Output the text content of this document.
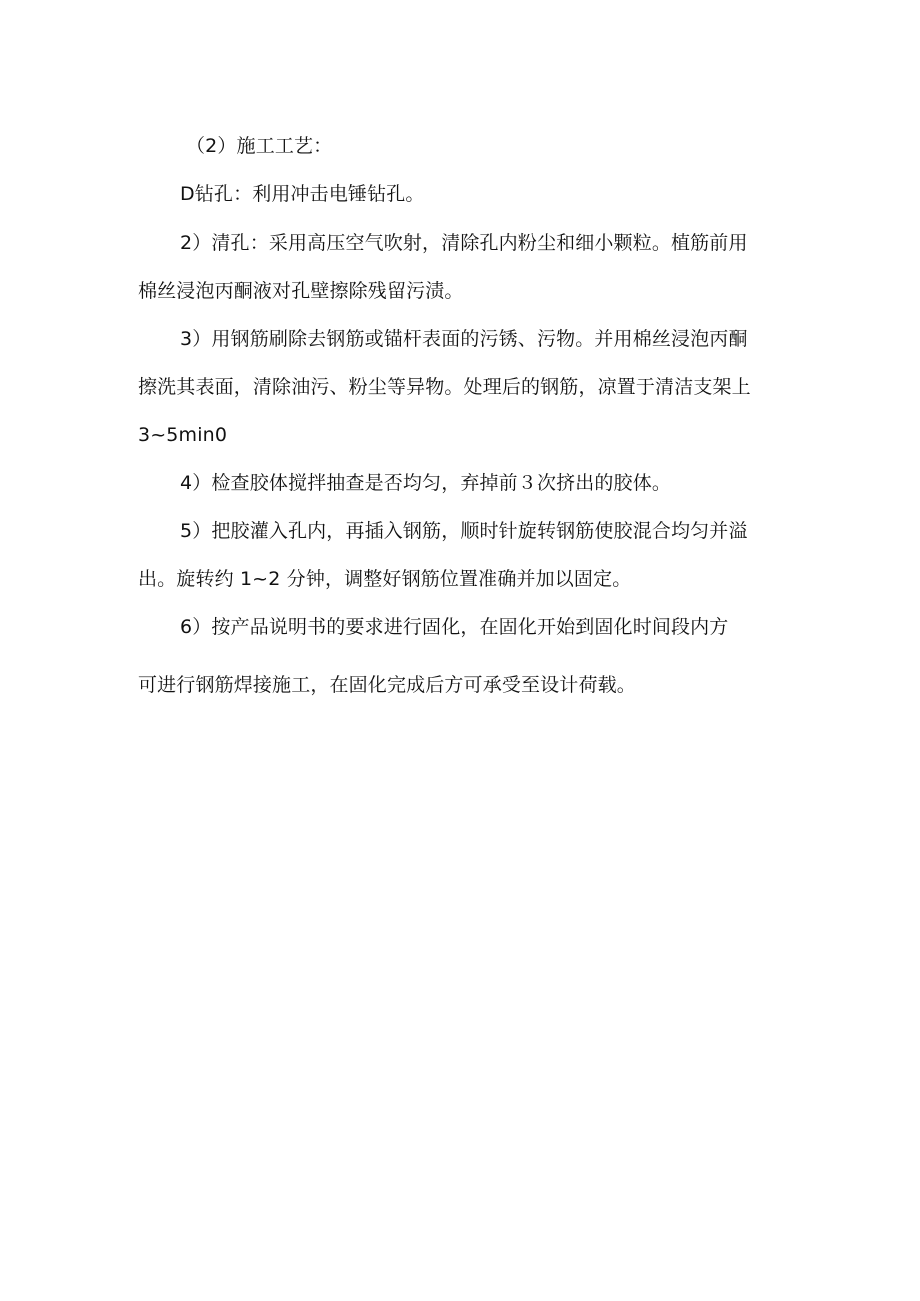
（2）施工工艺：
D钻孔：利用冲击电锤钻孔。
2）清孔：采用高压空气吹射，清除孔内粉尘和细小颗粒。植筋前用
棉丝浸泡丙酮液对孔壁擦除残留污渍。
3）用钢筋刷除去钢筋或锚杆表面的污锈、污物。并用棉丝浸泡丙酮
擦洗其表面，清除油污、粉尘等异物。处理后的钢筋，凉置于清洁支架上
3~5min0
4）检查胶体搅拌抽查是否均匀，弃掉前３次挤出的胶体。
5）把胶灌入孔内，再插入钢筋，顺时针旋转钢筋使胶混合均匀并溢
出。旋转约 1~2 分钟，调整好钢筋位置准确并加以固定。
6）按产品说明书的要求进行固化，在固化开始到固化时间段内方
可进行钢筋焊接施工，在固化完成后方可承受至设计荷载。
